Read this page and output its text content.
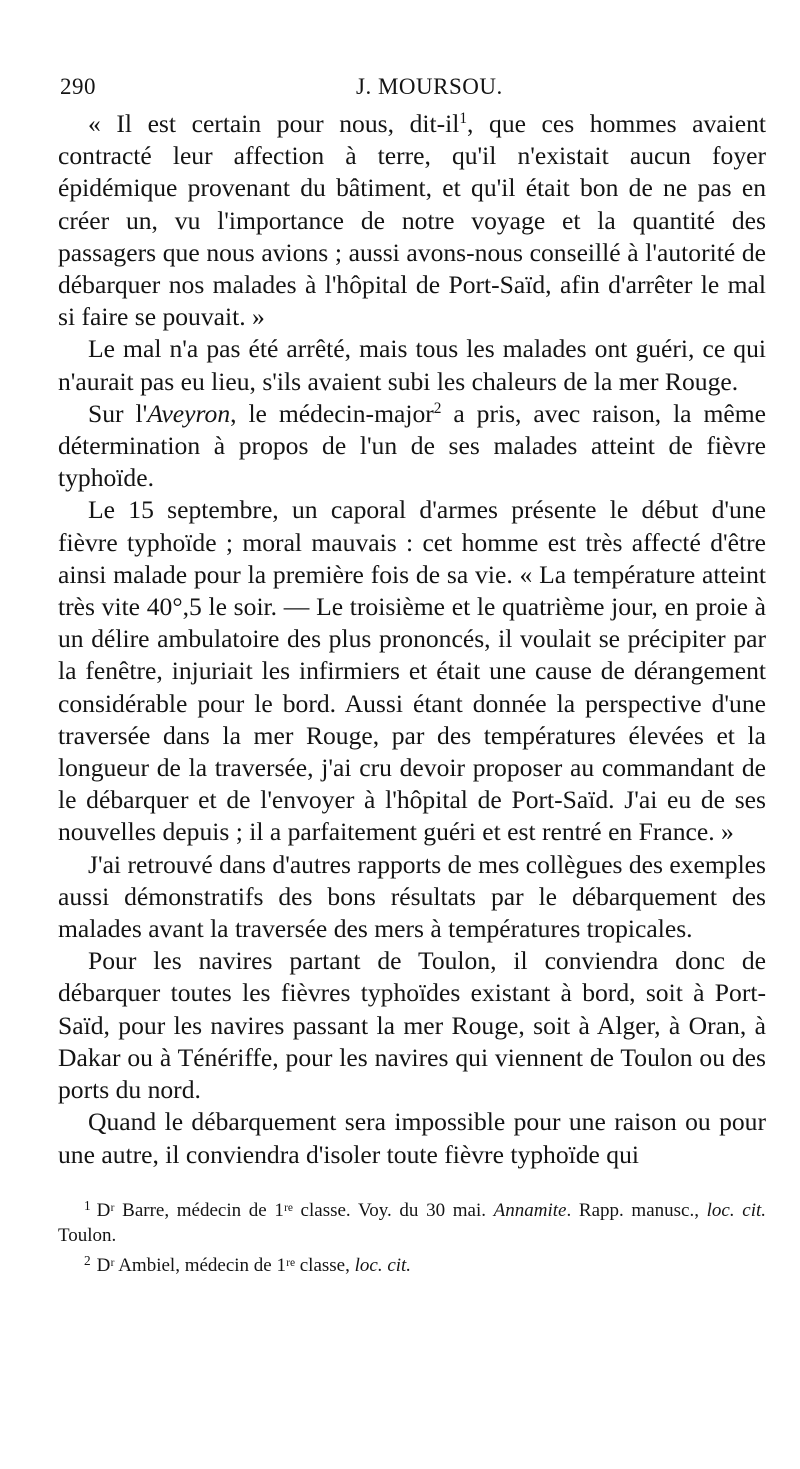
290	J. MOURSOU.

« Il est certain pour nous, dit-$il^1$, que ces hommes avaient contracté leur affection à terre, qu'il n'existait aucun foyer épidémique provenant du bâtiment, et qu'il était bon de ne pas en créer un, vu l'importance de notre voyage et la quantité des passagers que nous avions ; aussi avons-nous conseillé à l'autorité de débarquer nos malades à l'hôpital de Port-Saïd, afin d'arrêter le mal si faire se pouvait. »

Le mal n'a pas été arrêté, mais tous les malades ont guéri, ce qui n'aurait pas eu lieu, s'ils avaient subi les chaleurs de la mer Rouge.

Sur l'Aveyron, le médecin-major$^2$ a pris, avec raison, la même détermination à propos de l'un de ses malades atteint de fièvre typhoïde.

Le 15 septembre, un caporal d'armes présente le début d'une fièvre typhoïde ; moral mauvais : cet homme est très affecté d'être ainsi malade pour la première fois de sa vie. « La température atteint très vite 40°,5 le soir. — Le troisième et le quatrième jour, en proie à un délire ambulatoire des plus prononcés, il voulait se précipiter par la fenêtre, injuriait les infirmiers et était une cause de dérangement considérable pour le bord. Aussi étant donnée la perspective d'une traversée dans la mer Rouge, par des températures élevées et la longueur de la traversée, j'ai cru devoir proposer au commandant de le débarquer et de l'envoyer à l'hôpital de Port-Saïd. J'ai eu de ses nouvelles depuis ; il a parfaitement guéri et est rentré en France. »

J'ai retrouvé dans d'autres rapports de mes collègues des exemples aussi démonstratifs des bons résultats par le débarquement des malades avant la traversée des mers à températures tropicales.

Pour les navires partant de Toulon, il conviendra donc de débarquer toutes les fièvres typhoïdes existant à bord, soit à Port-Saïd, pour les navires passant la mer Rouge, soit à Alger, à Oran, à Dakar ou à Ténériffe, pour les navires qui viennent de Toulon ou des ports du nord.

Quand le débarquement sera impossible pour une raison ou pour une autre, il conviendra d'isoler toute fièvre typhoïde qui

$^1$ Dʳ Barre, médecin de 1ʳᵉ classe. Voy. du 30 mai. Annamite. Rapp. manusc., loc. cit. Toulon.

$^2$ Dʳ Ambiel, médecin de 1ʳᵉ classe, loc. cit.
